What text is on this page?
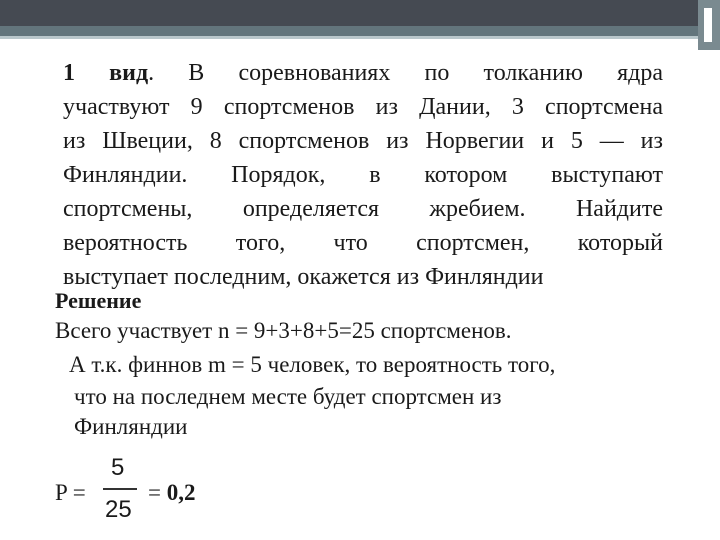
1 вид. В соревнованиях по толканию ядра
участвуют 9 спортсменов из Дании, 3 спортсмена
из Швеции, 8 спортсменов из Норвегии и 5 — из
Финляндии. Порядок, в котором выступают
спортсмены, определяется жребием. Найдите
вероятность того, что спортсмен, который
выступает последним, окажется из Финляндии
Решение
Всего участвует n = 9+3+8+5=25 спортсменов.
А т.к. финнов m = 5 человек, то вероятность того,
что на последнем месте будет спортсмен из
Финляндии
P =
5
25
= 0,2
